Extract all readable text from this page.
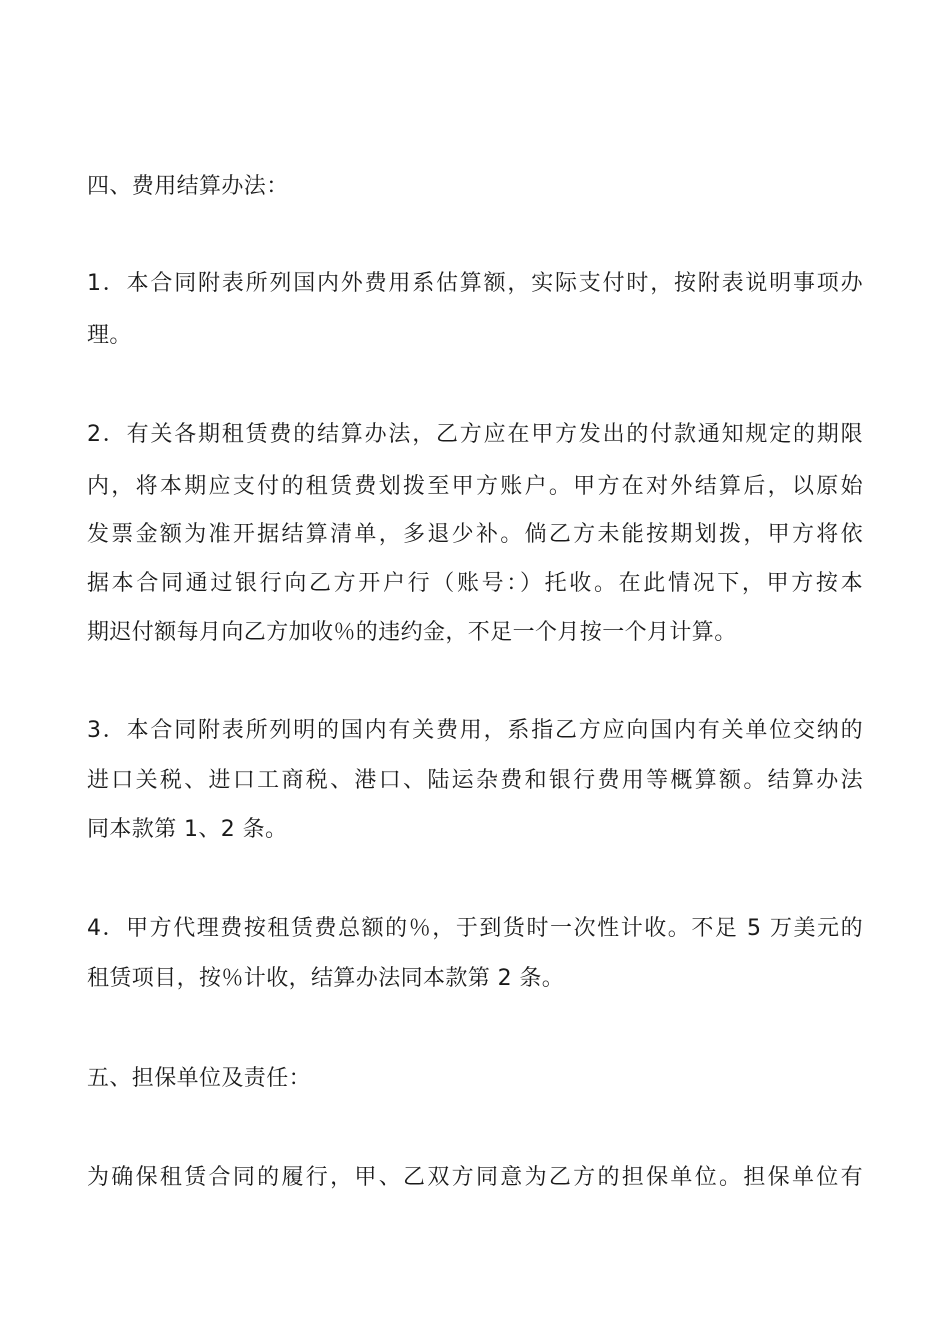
四、费用结算办法：
1．本合同附表所列国内外费用系估算额，实际支付时，按附表说明事项办
理。
2．有关各期租赁费的结算办法，乙方应在甲方发出的付款通知规定的期限
内，将本期应支付的租赁费划拨至甲方账户。甲方在对外结算后，以原始
发票金额为准开据结算清单，多退少补。倘乙方未能按期划拨，甲方将依
据本合同通过银行向乙方开户行（账号：）托收。在此情况下，甲方按本
期迟付额每月向乙方加收％的违约金，不足一个月按一个月计算。
3．本合同附表所列明的国内有关费用，系指乙方应向国内有关单位交纳的
进口关税、进口工商税、港口、陆运杂费和银行费用等概算额。结算办法
同本款第 1、2 条。
4．甲方代理费按租赁费总额的％，于到货时一次性计收。不足 5 万美元的
租赁项目，按％计收，结算办法同本款第 2 条。
五、担保单位及责任：
为确保租赁合同的履行，甲、乙双方同意为乙方的担保单位。担保单位有
